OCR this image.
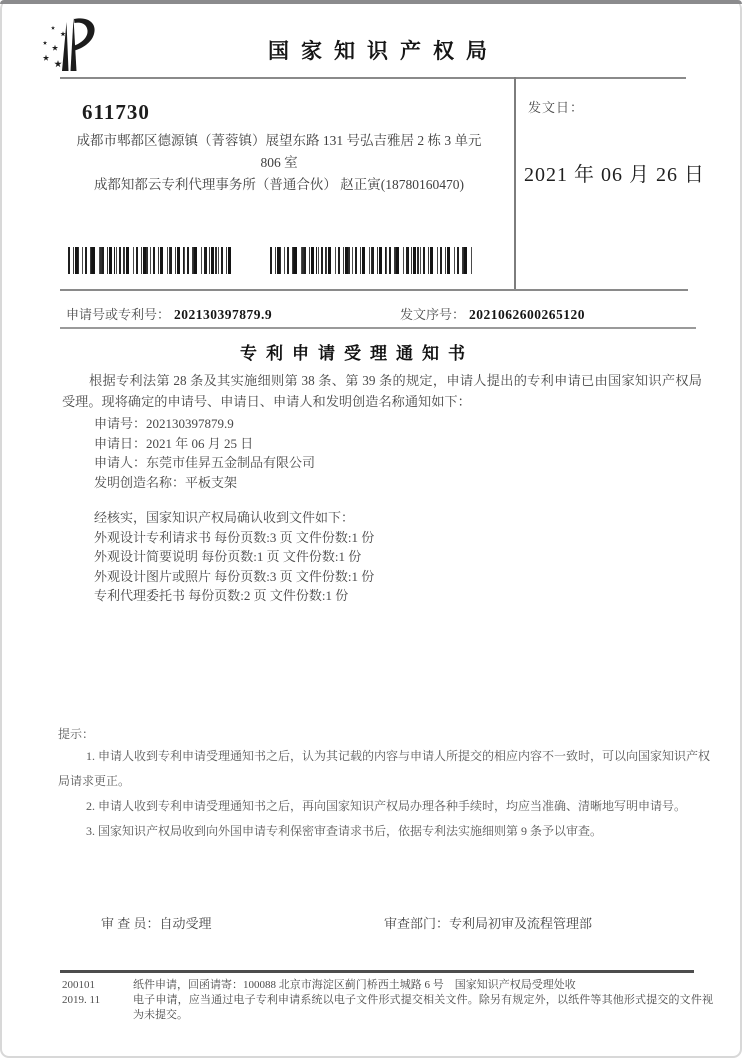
国家知识产权局
611730
成都市郫都区德源镇（菁蓉镇）展望东路 131 号弘吉雅居 2 栋 3 单元
806 室
成都知都云专利代理事务所（普通合伙） 赵正寅(18780160470)
发文日：
2021 年 06 月 26 日
申请号或专利号： 202130397879.9	发文序号： 2021062600265120
专利申请受理通知书
根据专利法第 28 条及其实施细则第 38 条、第 39 条的规定，申请人提出的专利申请已由国家知识产权局受理。现将确定的申请号、申请日、申请人和发明创造名称通知如下：
申请号：202130397879.9
申请日：2021 年 06 月 25 日
申请人：东莞市佳昇五金制品有限公司
发明创造名称：平板支架
经核实，国家知识产权局确认收到文件如下：
外观设计专利请求书 每份页数:3 页 文件份数:1 份
外观设计简要说明 每份页数:1 页 文件份数:1 份
外观设计图片或照片 每份页数:3 页 文件份数:1 份
专利代理委托书 每份页数:2 页 文件份数:1 份
提示：
1. 申请人收到专利申请受理通知书之后，认为其记载的内容与申请人所提交的相应内容不一致时，可以向国家知识产权局请求更正。
2. 申请人收到专利申请受理通知书之后，再向国家知识产权局办理各种手续时，均应当准确、清晰地写明申请号。
3. 国家知识产权局收到向外国申请专利保密审查请求书后，依据专利法实施细则第 9 条予以审查。
审 查 员：自动受理	审查部门：专利局初审及流程管理部
200101
2019. 11
纸件申请，回函请寄：100088 北京市海淀区蓟门桥西土城路 6 号　国家知识产权局受理处收
电子申请，应当通过电子专利申请系统以电子文件形式提交相关文件。除另有规定外，以纸件等其他形式提交的文件视为未提交。
